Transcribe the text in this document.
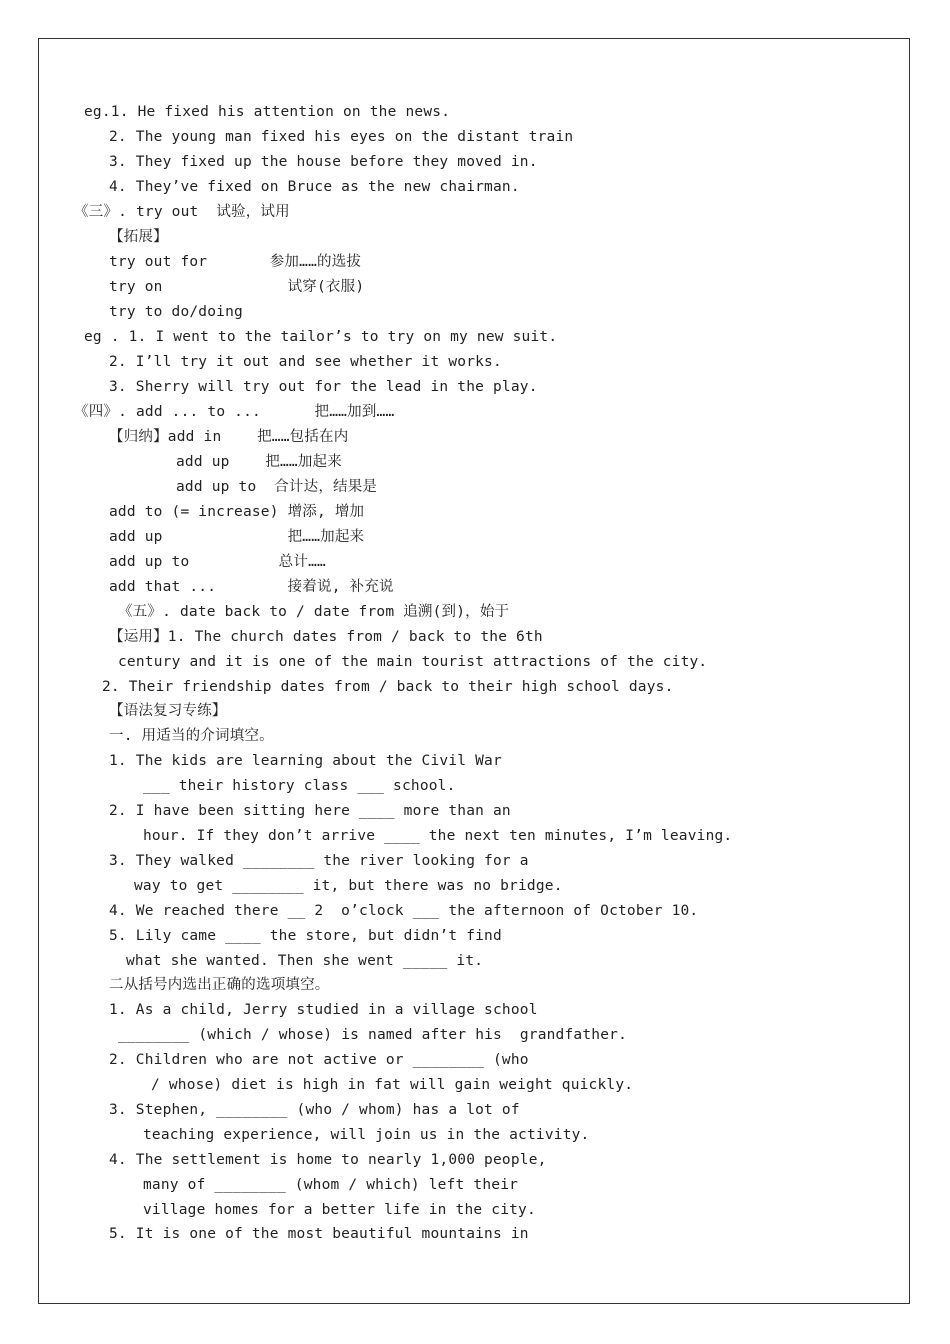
eg.1. He fixed his attention on the news.
2. The young man fixed his eyes on the distant train
3. They fixed up the house before they moved in.
4. They’ve fixed on Bruce as the new chairman.
《三》. try out  试验，试用
【拓展】
try out for       参加……的选拔
try on              试穿(衣服)
try to do/doing
eg . 1. I went to the tailor’s to try on my new suit.
2. I’ll try it out and see whether it works.
3. Sherry will try out for the lead in the play.
《四》. add ... to ...      把……加到……
【归纳】add in    把……包括在内
add up    把……加起来
add up to  合计达，结果是
add to (= increase) 增添, 增加
add up              把……加起来
add up to          总计……
add that ...        接着说, 补充说
《五》. date back to / date from 追溯(到)，始于
【运用】1. The church dates from / back to the 6th
century and it is one of the main tourist attractions of the city.
2. Their friendship dates from / back to their high school days.
【语法复习专练】
一. 用适当的介词填空。
1. The kids are learning about the Civil War
___ their history class ___ school.
2. I have been sitting here ____ more than an
hour. If they don’t arrive ____ the next ten minutes, I’m leaving.
3. They walked ________ the river looking for a
way to get ________ it, but there was no bridge.
4. We reached there __ 2  o’clock ___ the afternoon of October 10.
5. Lily came ____ the store, but didn’t find
what she wanted. Then she went _____ it.
二从括号内选出正确的选项填空。
1. As a child, Jerry studied in a village school
________ (which / whose) is named after his  grandfather.
2. Children who are not active or ________ (who
/ whose) diet is high in fat will gain weight quickly.
3. Stephen, ________ (who / whom) has a lot of
teaching experience, will join us in the activity.
4. The settlement is home to nearly 1,000 people,
many of ________ (whom / which) left their
village homes for a better life in the city.
5. It is one of the most beautiful mountains in
